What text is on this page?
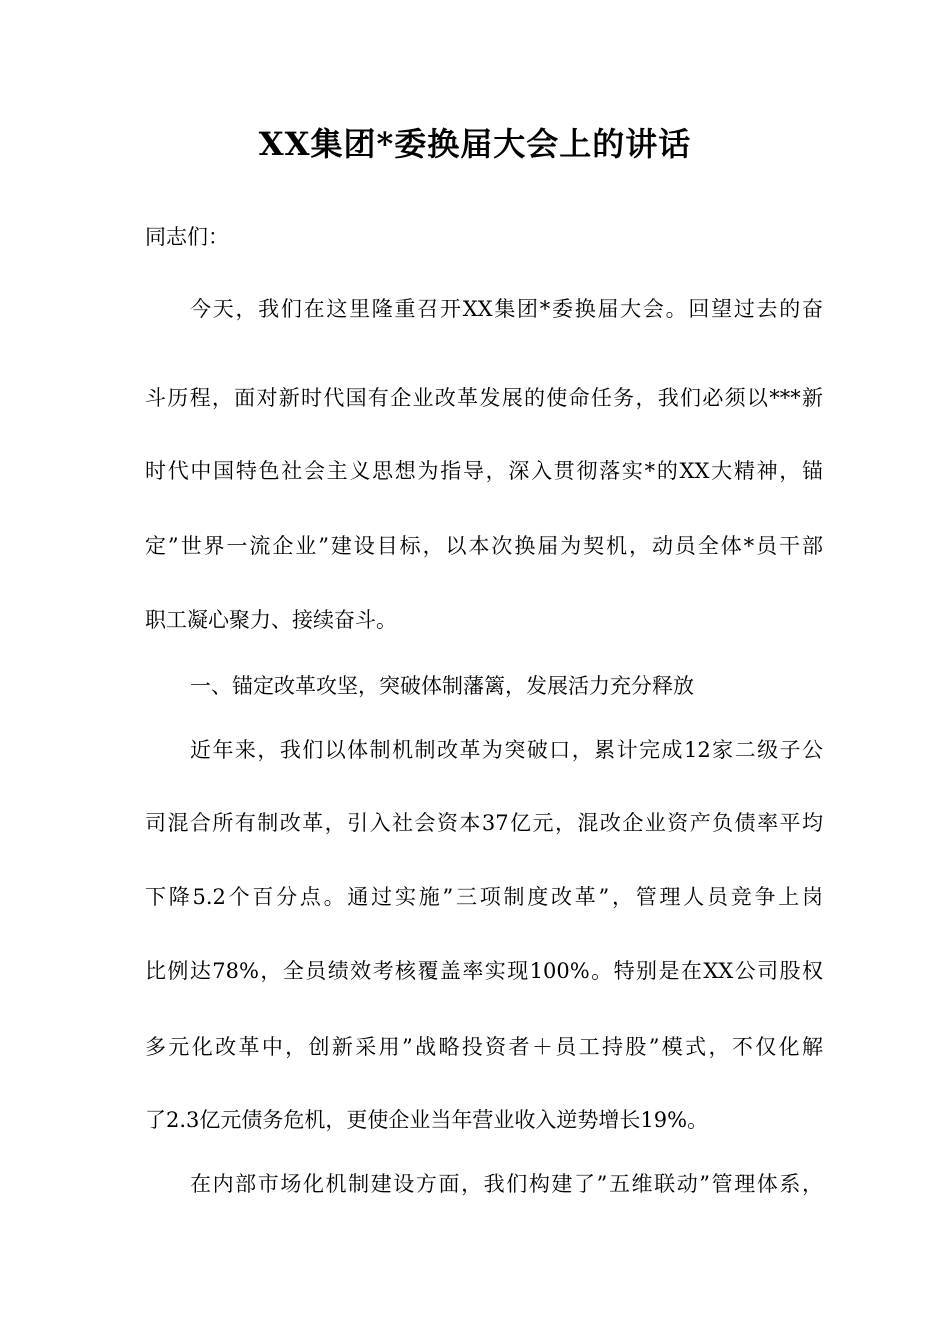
XX集团*委换届大会上的讲话
同志们：
今天，我们在这里隆重召开XX集团*委换届大会。回望过去的奋
斗历程，面对新时代国有企业改革发展的使命任务，我们必须以***新
时代中国特色社会主义思想为指导，深入贯彻落实*的XX大精神，锚
定”世界一流企业”建设目标，以本次换届为契机，动员全体*员干部
职工凝心聚力、接续奋斗。
一、锚定改革攻坚，突破体制藩篱，发展活力充分释放
近年来，我们以体制机制改革为突破口，累计完成12家二级子公
司混合所有制改革，引入社会资本37亿元，混改企业资产负债率平均
下降5.2个百分点。通过实施”三项制度改革”，管理人员竞争上岗
比例达78%，全员绩效考核覆盖率实现100%。特别是在XX公司股权
多元化改革中，创新采用”战略投资者＋员工持股”模式，不仅化解
了2.3亿元债务危机，更使企业当年营业收入逆势增长19%。
在内部市场化机制建设方面，我们构建了”五维联动”管理体系，
